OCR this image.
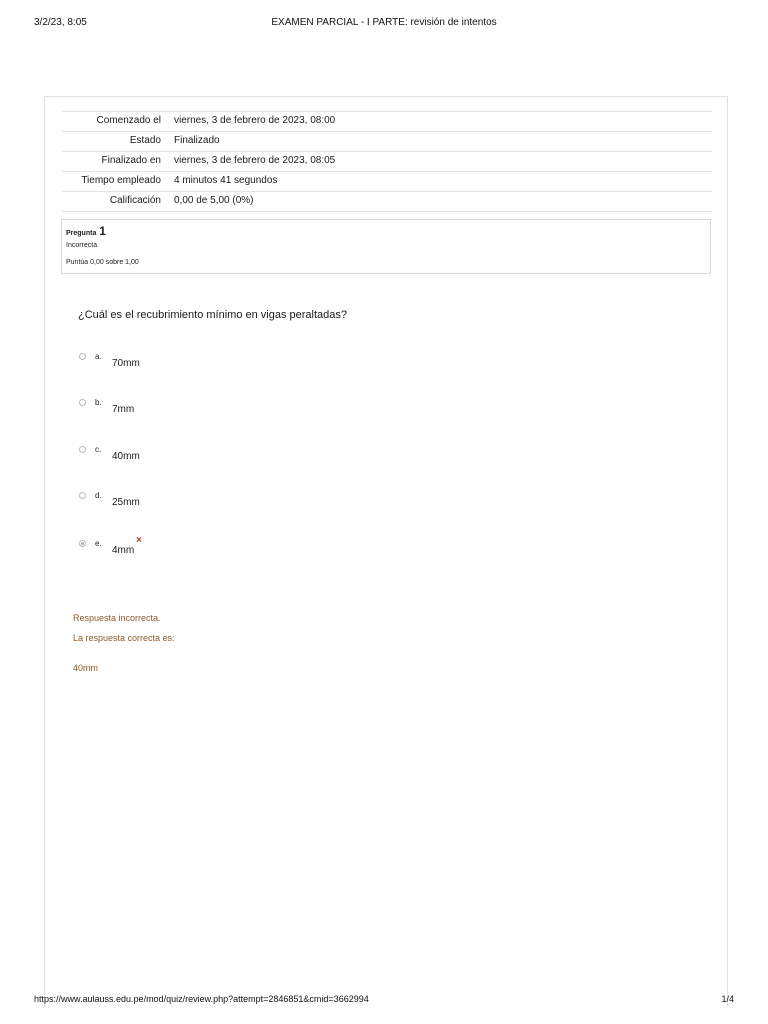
3/2/23, 8:05	EXAMEN PARCIAL - I PARTE: revisión de intentos
Comenzado el	viernes, 3 de febrero de 2023, 08:00
Estado	Finalizado
Finalizado en	viernes, 3 de febrero de 2023, 08:05
Tiempo empleado	4 minutos 41 segundos
Calificación	0,00 de 5,00 (0%)
Pregunta 1
Incorrecta
Puntúa 0,00 sobre 1,00
¿Cuál es el recubrimiento mínimo en vigas peraltadas?
a.
70mm
b.
7mm
c.
40mm
d.
25mm
e.
4mm
×
Respuesta incorrecta.
La respuesta correcta es:
40mm
https://www.aulauss.edu.pe/mod/quiz/review.php?attempt=2846851&cmid=3662994	1/4
